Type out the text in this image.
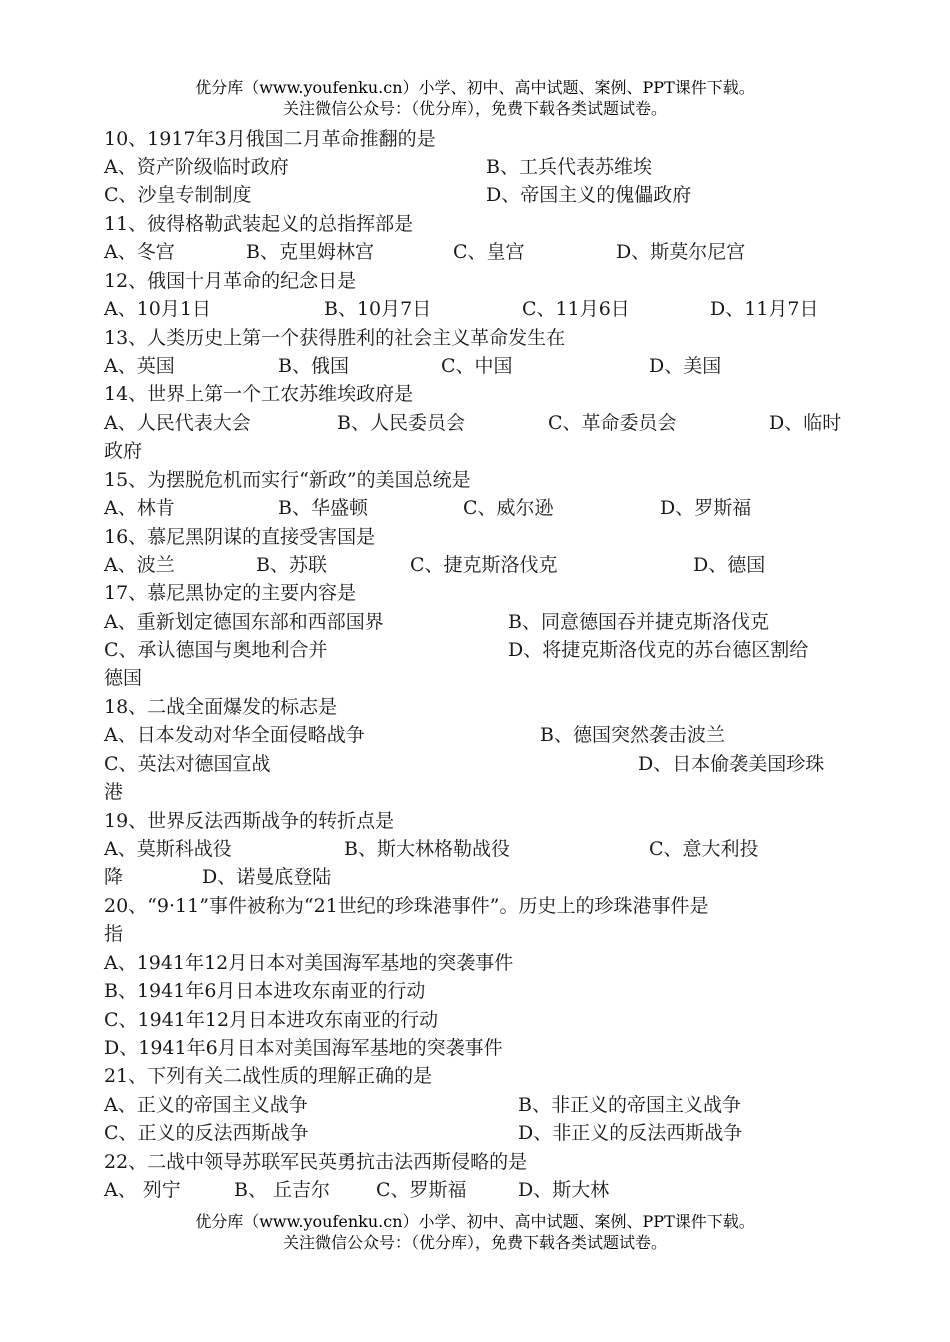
优分库（www.youfenku.cn）小学、初中、高中试题、案例、PPT课件下载。
关注微信公众号：（优分库），免费下载各类试题试卷。
10、1917年3月俄国二月革命推翻的是
A、资产阶级临时政府	B、工兵代表苏维埃
C、沙皇专制制度	D、帝国主义的傀儡政府
11、彼得格勒武装起义的总指挥部是
A、冬宫	B、克里姆林宫	C、皇宫	D、斯莫尔尼宫
12、俄国十月革命的纪念日是
A、10月1日	B、10月7日	C、11月6日	D、11月7日
13、人类历史上第一个获得胜利的社会主义革命发生在
A、英国	B、俄国	C、中国	D、美国
14、世界上第一个工农苏维埃政府是
A、人民代表大会	B、人民委员会	C、革命委员会	D、临时
政府
15、为摆脱危机而实行“新政”的美国总统是
A、林肯	B、华盛顿	C、威尔逊	D、罗斯福
16、慕尼黑阴谋的直接受害国是
A、波兰	B、苏联	C、捷克斯洛伐克	D、德国
17、慕尼黑协定的主要内容是
A、重新划定德国东部和西部国界	B、同意德国吞并捷克斯洛伐克
C、承认德国与奥地利合并	D、将捷克斯洛伐克的苏台德区割给
德国
18、二战全面爆发的标志是
A、日本发动对华全面侵略战争	B、德国突然袭击波兰
C、英法对德国宣战	D、日本偷袭美国珍珠
港
19、世界反法西斯战争的转折点是
A、莫斯科战役	B、斯大林格勒战役	C、意大利投
降	D、诺曼底登陆
20、“9·11”事件被称为“21世纪的珍珠港事件”。历史上的珍珠港事件是
指
A、1941年12月日本对美国海军基地的突袭事件
B、1941年6月日本进攻东南亚的行动
C、1941年12月日本进攻东南亚的行动
D、1941年6月日本对美国海军基地的突袭事件
21、下列有关二战性质的理解正确的是
A、正义的帝国主义战争	B、非正义的帝国主义战争
C、正义的反法西斯战争	D、非正义的反法西斯战争
22、二战中领导苏联军民英勇抗击法西斯侵略的是
A、 列宁	B、 丘吉尔 C、罗斯福	D、斯大林
优分库（www.youfenku.cn）小学、初中、高中试题、案例、PPT课件下载。
关注微信公众号：（优分库），免费下载各类试题试卷。
